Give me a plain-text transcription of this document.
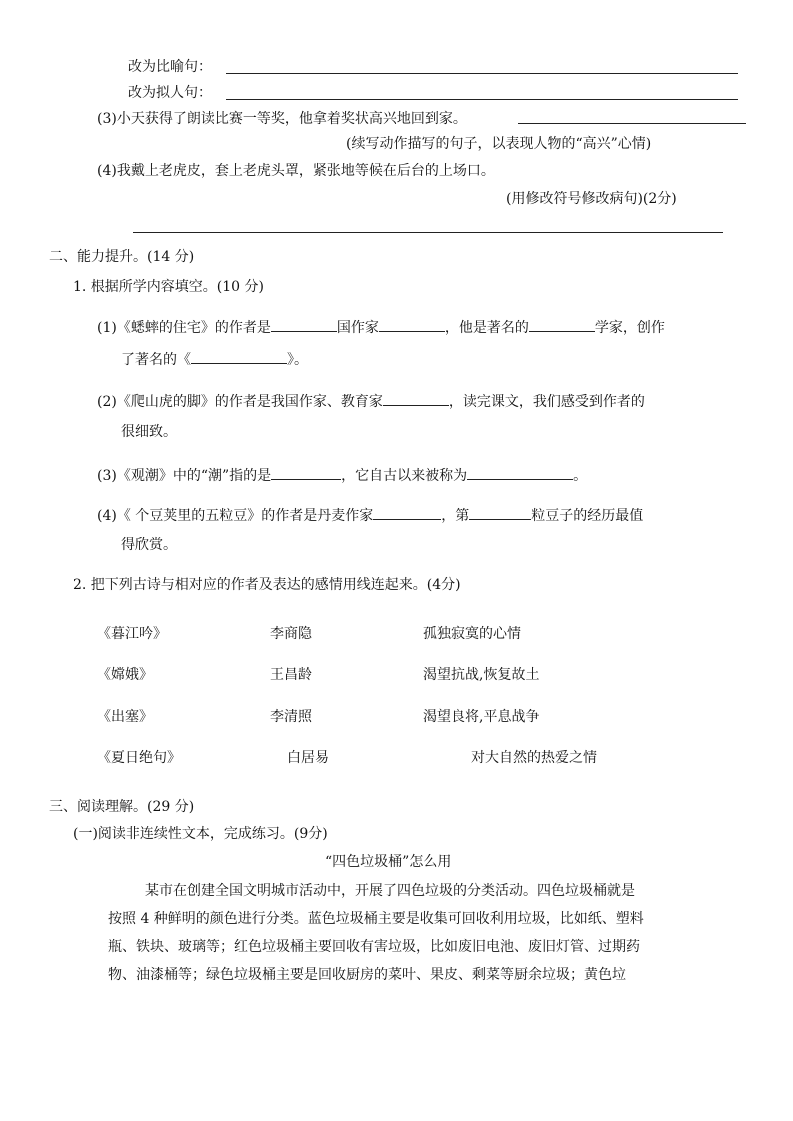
改为比喻句：
改为拟人句：
(3)小天获得了朗读比赛一等奖，他拿着奖状高兴地回到家。
(续写动作描写的句子，以表现人物的“高兴”心情)
(4)我戴上老虎皮，套上老虎头罩，紧张地等候在后台的上场口。
(用修改符号修改病句)(2分)
二、能力提升。(14 分)
1. 根据所学内容填空。(10 分)
(1)《蟋蟀的住宅》的作者是	国作家	，他是著名的	学家，创作
了著名的《	》。
(2)《爬山虎的脚》的作者是我国作家、教育家	，读完课文，我们感受到作者的
很细致。
(3)《观潮》中的“潮”指的是	，它自古以来被称为	。
(4)《 个豆荚里的五粒豆》的作者是丹麦作家	，第	粒豆子的经历最值
得欣赏。
2. 把下列古诗与相对应的作者及表达的感情用线连起来。(4分)
《暮江吟》	李商隐	孤独寂寞的心情
《嫦娥》	王昌龄	渴望抗战,恢复故土
《出塞》	李清照	渴望良将,平息战争
《夏日绝句》	白居易	对大自然的热爱之情
三、阅读理解。(29 分)
(一)阅读非连续性文本，完成练习。(9分)
“四色垃圾桶”怎么用
某市在创建全国文明城市活动中，开展了四色垃圾的分类活动。四色垃圾桶就是
按照 4 种鲜明的颜色进行分类。蓝色垃圾桶主要是收集可回收利用垃圾，比如纸、塑料
瓶、铁块、玻璃等；红色垃圾桶主要回收有害垃圾，比如废旧电池、废旧灯管、过期药
物、油漆桶等；绿色垃圾桶主要是回收厨房的菜叶、果皮、剩菜等厨余垃圾；黄色垃
